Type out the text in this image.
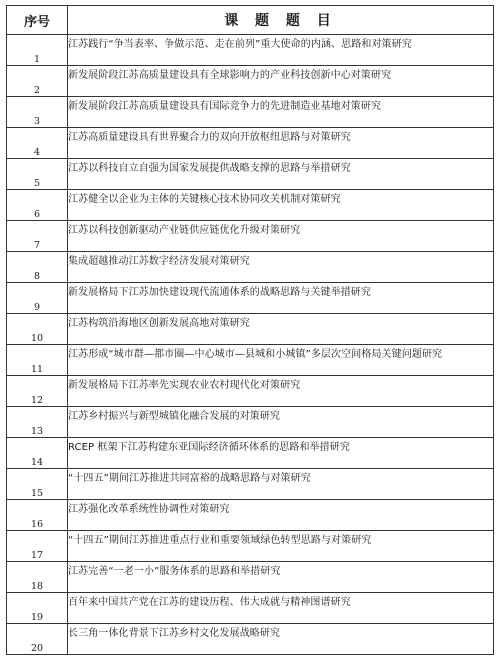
序号	课 题 题 目
1	江苏践行“争当表率、争做示范、走在前列”重大使命的内涵、思路和对策研究
2	新发展阶段江苏高质量建设具有全球影响力的产业科技创新中心对策研究
3	新发展阶段江苏高质量建设具有国际竞争力的先进制造业基地对策研究
4	江苏高质量建设具有世界聚合力的双向开放枢纽思路与对策研究
5	江苏以科技自立自强为国家发展提供战略支撑的思路与举措研究
6	江苏健全以企业为主体的关键核心技术协同攻关机制对策研究
7	江苏以科技创新驱动产业链供应链优化升级对策研究
8	集成超越推动江苏数字经济发展对策研究
9	新发展格局下江苏加快建设现代流通体系的战略思路与关键举措研究
10	江苏构筑沿海地区创新发展高地对策研究
11	江苏形成“城市群—都市圈—中心城市—县城和小城镇”多层次空间格局关键问题研究
12	新发展格局下江苏率先实现农业农村现代化对策研究
13	江苏乡村振兴与新型城镇化融合发展的对策研究
14	RCEP 框架下江苏构建东亚国际经济循环体系的思路和举措研究
15	“十四五”期间江苏推进共同富裕的战略思路与对策研究
16	江苏强化改革系统性协调性对策研究
17	“十四五”期间江苏推进重点行业和重要领域绿色转型思路与对策研究
18	江苏完善“一老一小”服务体系的思路和举措研究
19	百年来中国共产党在江苏的建设历程、伟大成就与精神图谱研究
20	长三角一体化背景下江苏乡村文化发展战略研究
